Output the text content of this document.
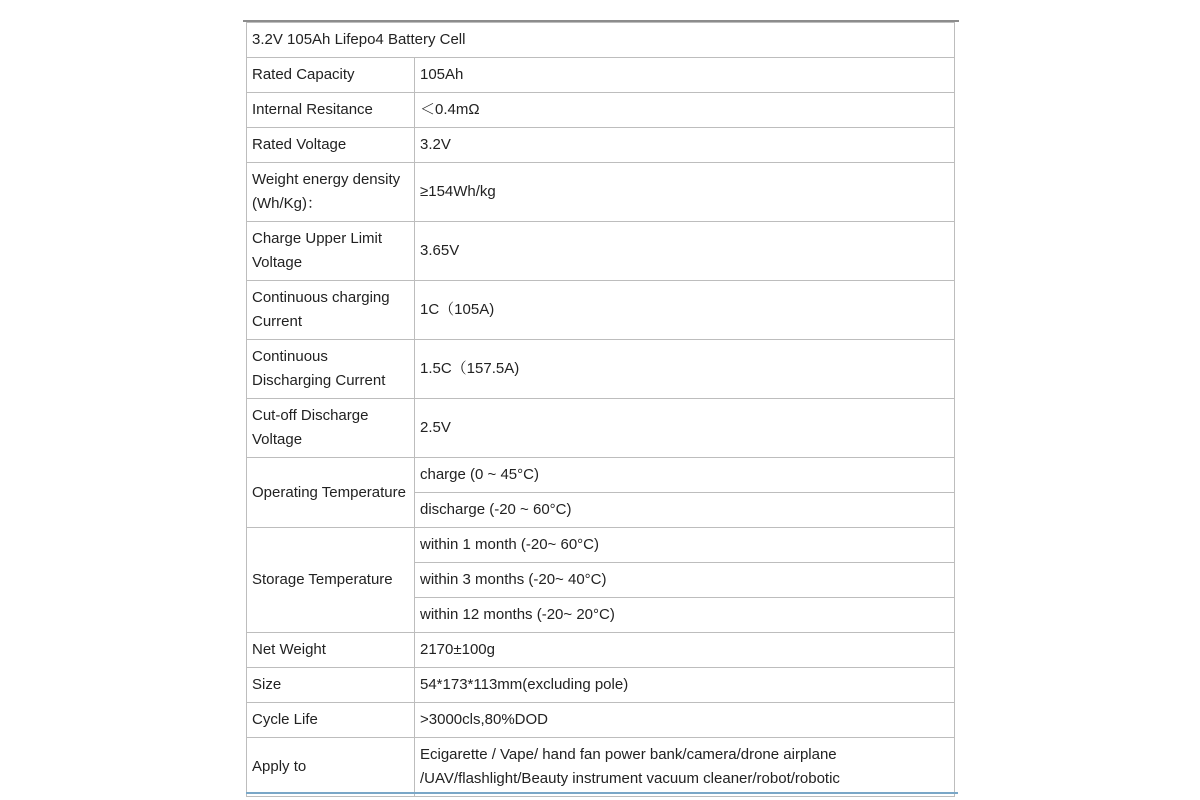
3.2V 105Ah Lifepo4 Battery Cell	
Rated Capacity	105Ah
Internal Resitance	＜0.4mΩ
Rated Voltage	3.2V
Weight energy density
(Wh/Kg)：	≥154Wh/kg
Charge Upper Limit
Voltage	3.65V
Continuous charging
Current	1C（105A)
Continuous
Discharging Current	1.5C（157.5A)
Cut-off Discharge
Voltage	2.5V
Operating Temperature	charge (0 ~ 45°C)
	discharge (-20 ~ 60°C)
Storage Temperature	within 1 month (-20~ 60°C)
	within 3 months (-20~ 40°C)
	within 12 months (-20~ 20°C)
Net Weight	2170±100g
Size	54*173*113mm(excluding pole)
Cycle Life	>3000cls,80%DOD
Apply to	Ecigarette / Vape/ hand fan power bank/camera/drone airplane
/UAV/flashlight/Beauty instrument vacuum cleaner/robot/robotic
